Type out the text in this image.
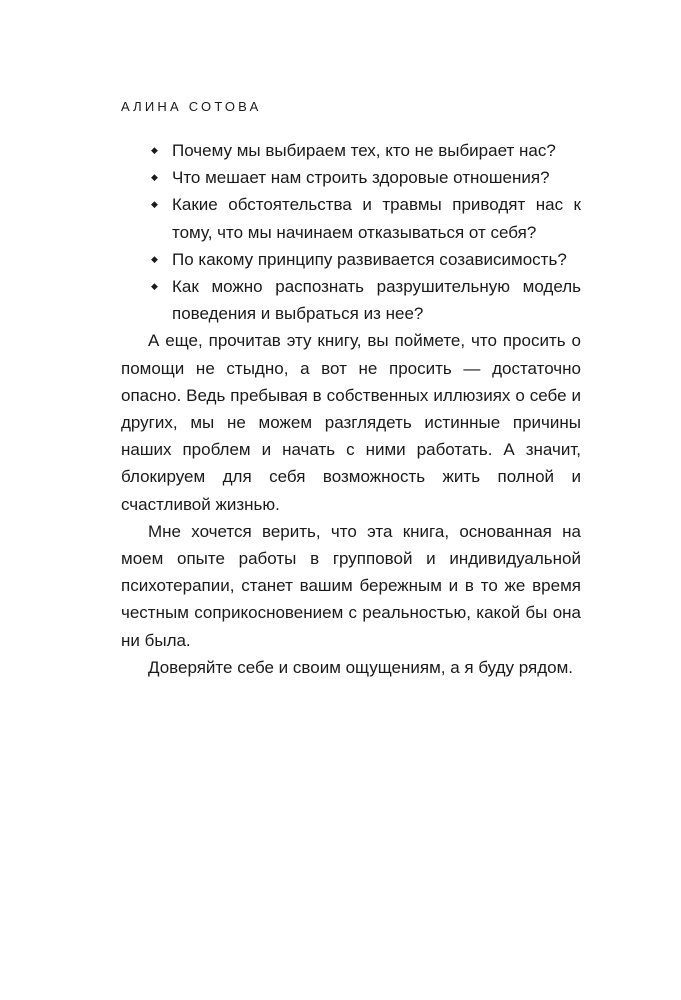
АЛИНА СОТОВА
◆ Почему мы выбираем тех, кто не выбирает нас?
◆ Что мешает нам строить здоровые отношения?
◆ Какие обстоятельства и травмы приводят нас к тому, что мы начинаем отказываться от себя?
◆ По какому принципу развивается созависимость?
◆ Как можно распознать разрушительную модель поведения и выбраться из нее?

А еще, прочитав эту книгу, вы поймете, что просить о помощи не стыдно, а вот не просить — достаточно опасно. Ведь пребывая в собственных иллюзиях о себе и других, мы не можем разглядеть истинные причины наших проблем и начать с ними работать. А значит, блокируем для себя возможность жить полной и счастливой жизнью.

Мне хочется верить, что эта книга, основанная на моем опыте работы в групповой и индивидуальной психотерапии, станет вашим бережным и в то же время честным соприкосновением с реальностью, какой бы она ни была.

Доверяйте себе и своим ощущениям, а я буду рядом.
